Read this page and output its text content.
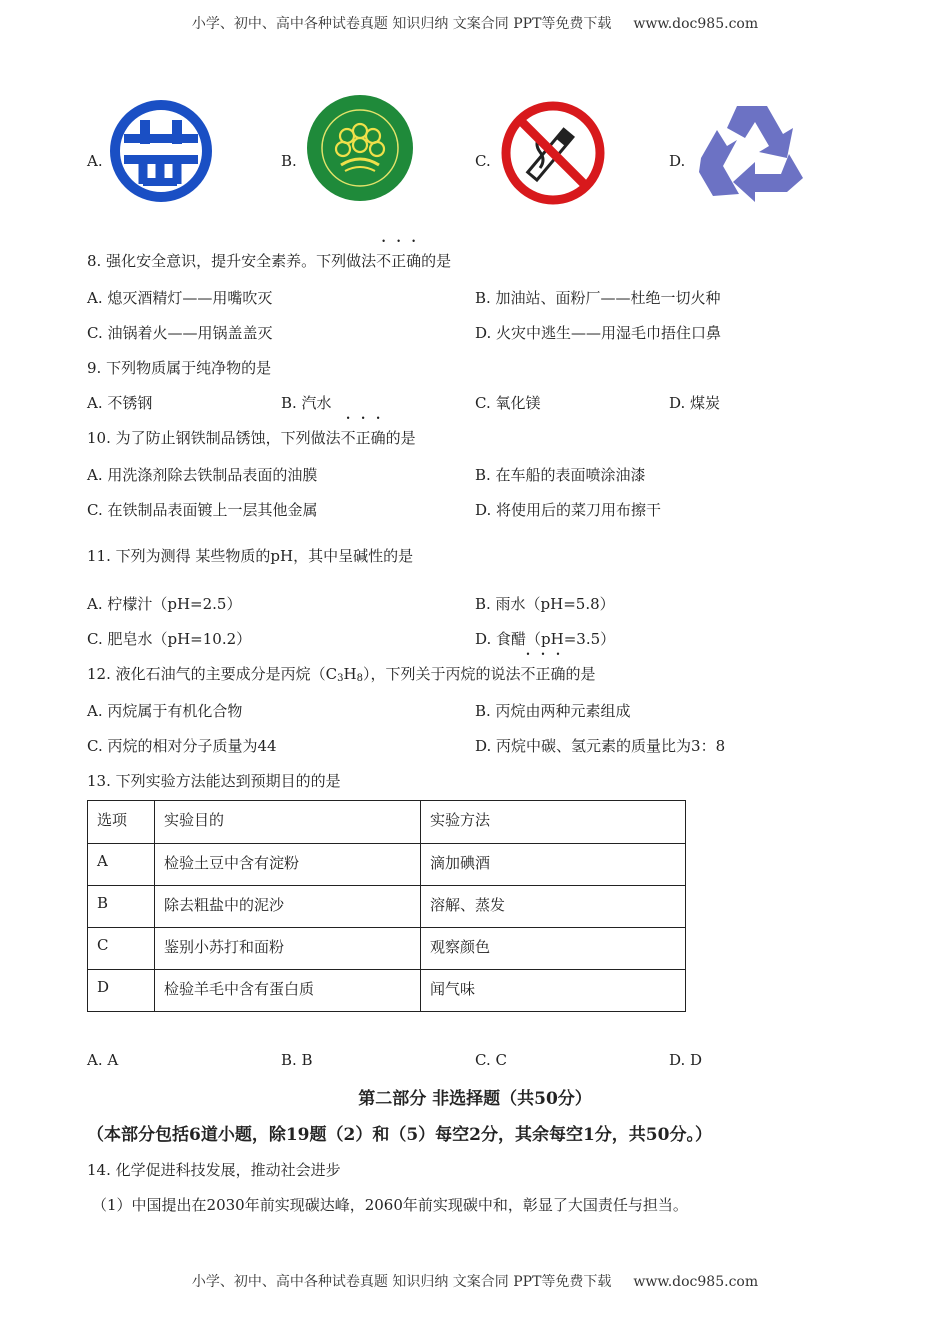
小学、初中、高中各种试卷真题 知识归纳 文案合同 PPT等免费下载 www.doc985.com
A.	B.	C.	D.
8. 强化安全意识，提升安全素养。下列做法不正确的是
A. 熄灭酒精灯——用嘴吹灭	B. 加油站、面粉厂——杜绝一切火种
C. 油锅着火——用锅盖盖灭	D. 火灾中逃生——用湿毛巾捂住口鼻
9. 下列物质属于纯净物的是
A. 不锈钢	B. 汽水	C. 氧化镁	D. 煤炭
10. 为了防止钢铁制品锈蚀，下列做法不正确的是
A. 用洗涤剂除去铁制品表面的油膜	B. 在车船的表面喷涂油漆
C. 在铁制品表面镀上一层其他金属	D. 将使用后的菜刀用布擦干
11. 下列为测得 某些物质的pH，其中呈碱性的是
A. 柠檬汁（pH=2.5）	B. 雨水（pH=5.8）
C. 肥皂水（pH=10.2）	D. 食醋（pH=3.5）
12. 液化石油气的主要成分是丙烷$(C_3H_8)$，下列关于丙烷的说法不正确的是
A. 丙烷属于有机化合物	B. 丙烷由两种元素组成
C. 丙烷的相对分子质量为44	D. 丙烷中碳、氢元素的质量比为3：8
13. 下列实验方法能达到预期目的的是
选项	实验目的	实验方法
A	检验土豆中含有淀粉	滴加碘酒
B	除去粗盐中的泥沙	溶解、蒸发
C	鉴别小苏打和面粉	观察颜色
D	检验羊毛中含有蛋白质	闻气味
A. A	B. B	C. C	D. D
第二部分 非选择题（共50分）
（本部分包括6道小题，除19题（2）和（5）每空2分，其余每空1分，共50分。）
14. 化学促进科技发展，推动社会进步
（1）中国提出在2030年前实现碳达峰，2060年前实现碳中和，彰显了大国责任与担当。
小学、初中、高中各种试卷真题 知识归纳 文案合同 PPT等免费下载 www.doc985.com
